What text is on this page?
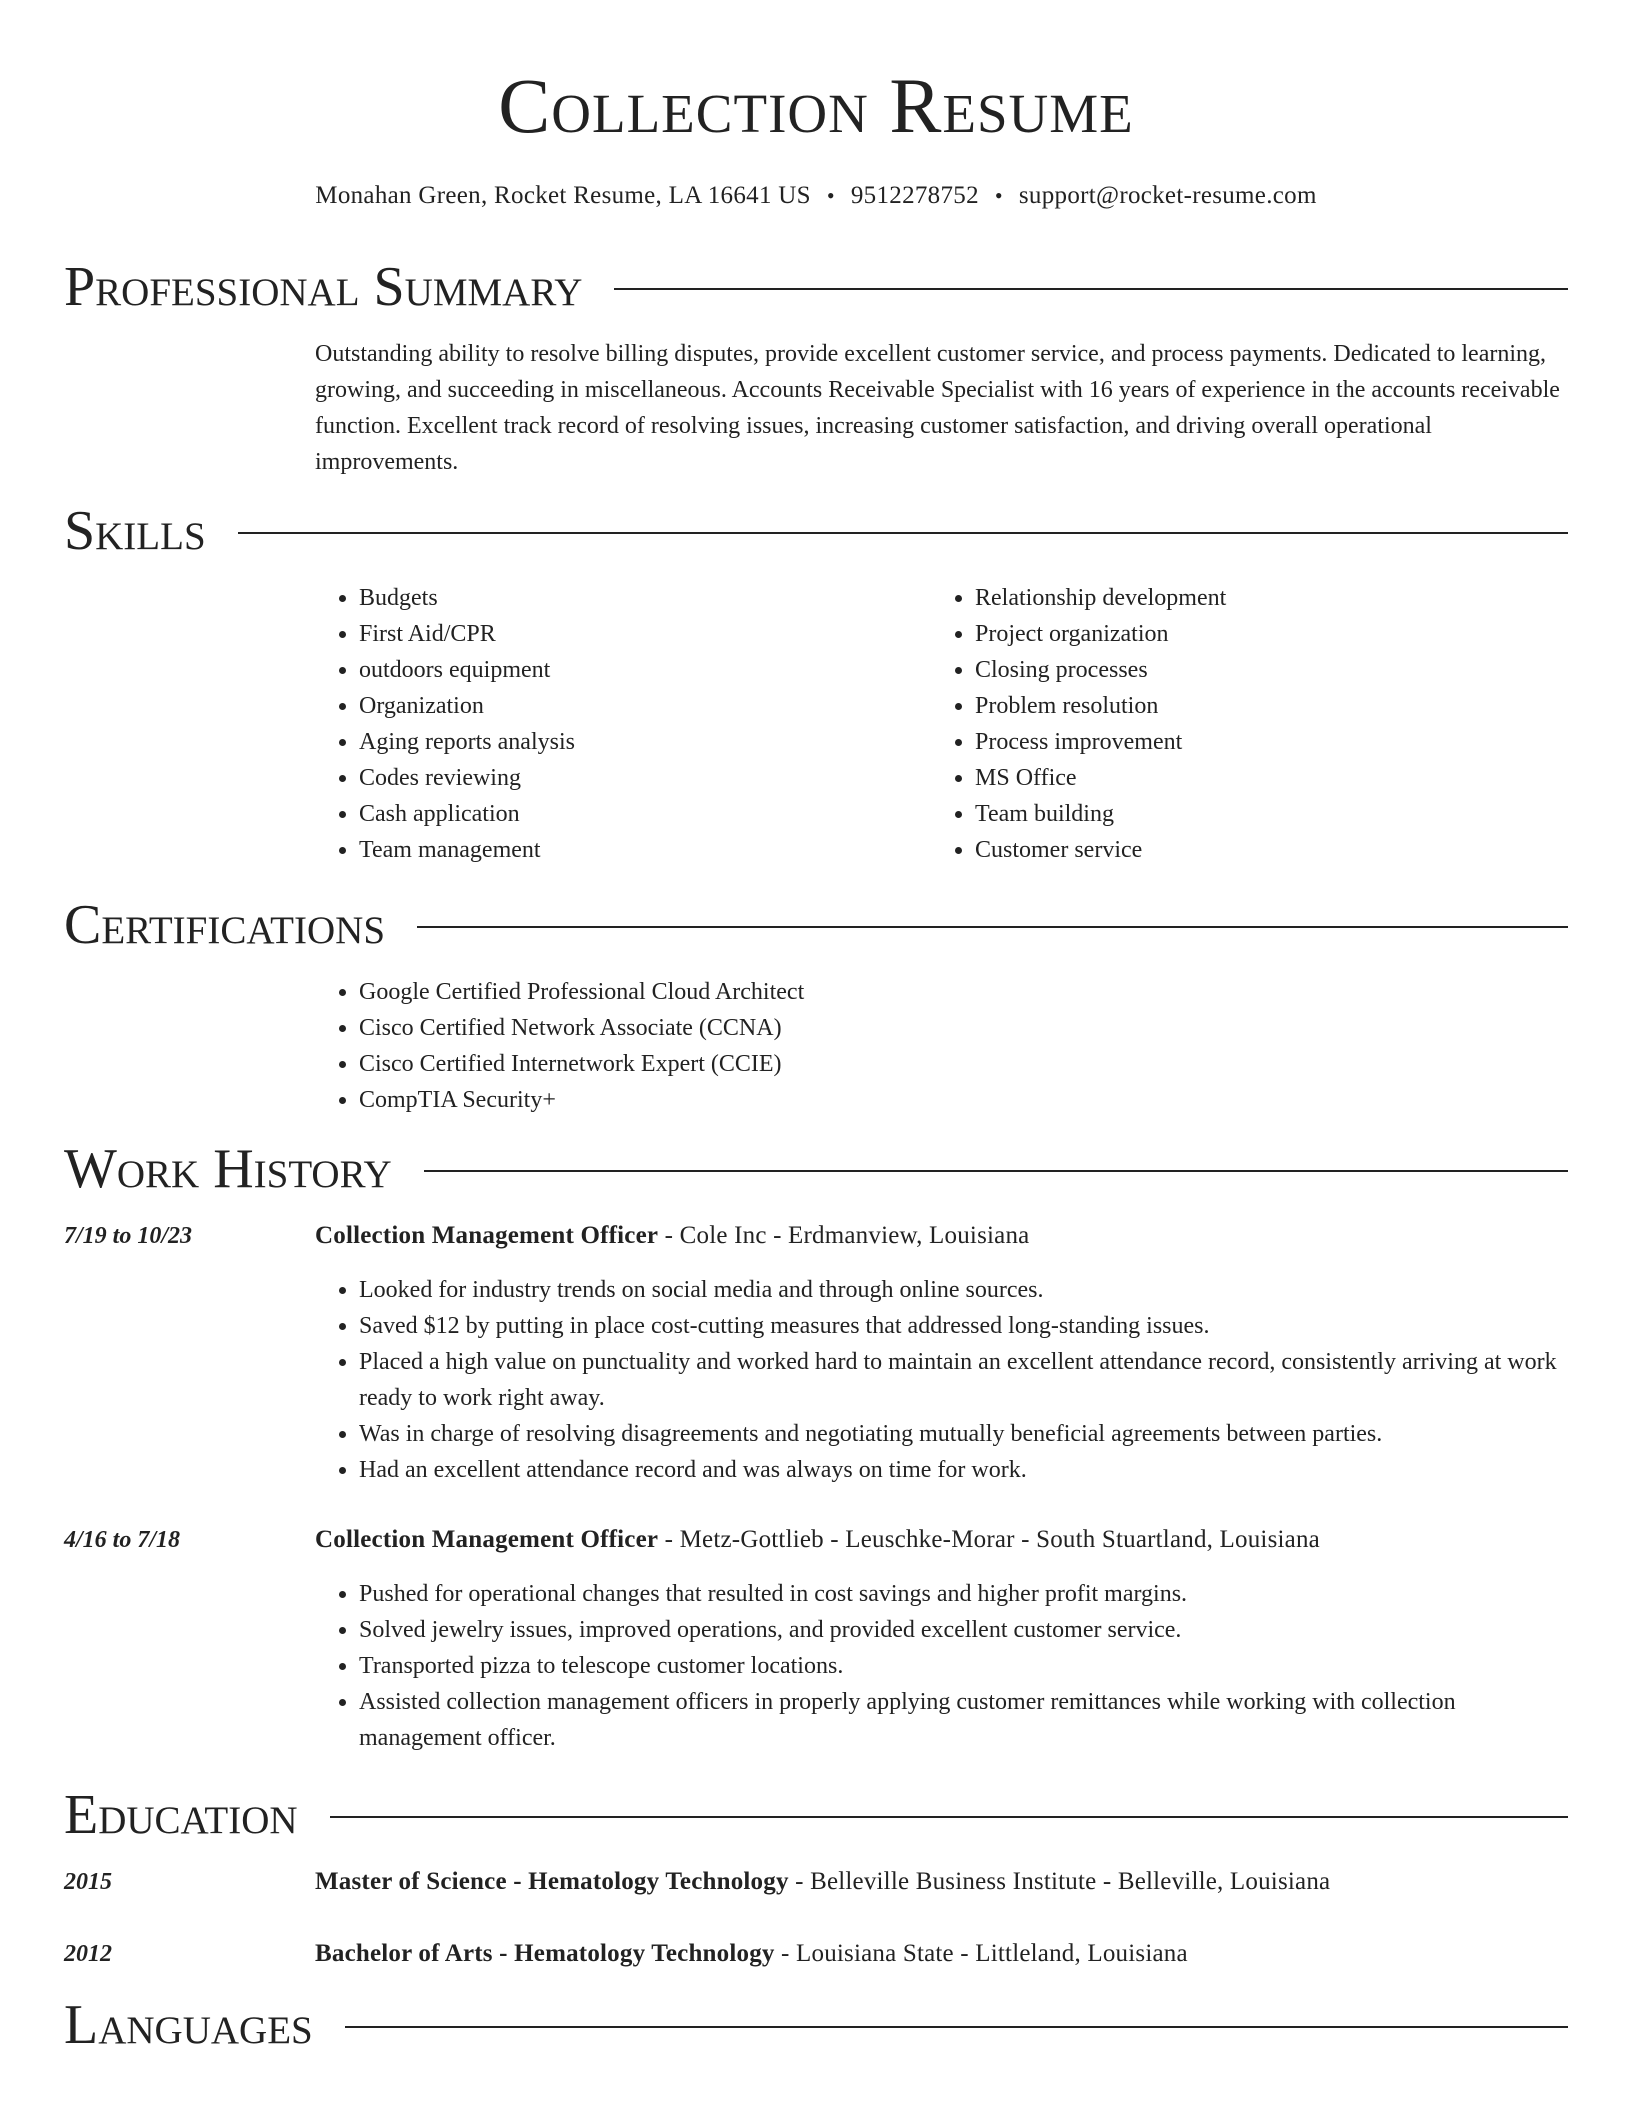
Collection Resume
Monahan Green, Rocket Resume, LA 16641 US • 9512278752 • support@rocket-resume.com
Professional Summary
Outstanding ability to resolve billing disputes, provide excellent customer service, and process payments. Dedicated to learning, growing, and succeeding in miscellaneous. Accounts Receivable Specialist with 16 years of experience in the accounts receivable function. Excellent track record of resolving issues, increasing customer satisfaction, and driving overall operational improvements.
Skills
• Budgets
• First Aid/CPR
• outdoors equipment
• Organization
• Aging reports analysis
• Codes reviewing
• Cash application
• Team management
• Relationship development
• Project organization
• Closing processes
• Problem resolution
• Process improvement
• MS Office
• Team building
• Customer service
Certifications
• Google Certified Professional Cloud Architect
• Cisco Certified Network Associate (CCNA)
• Cisco Certified Internetwork Expert (CCIE)
• CompTIA Security+
Work History
7/19 to 10/23	Collection Management Officer - Cole Inc - Erdmanview, Louisiana
• Looked for industry trends on social media and through online sources.
• Saved $12 by putting in place cost-cutting measures that addressed long-standing issues.
• Placed a high value on punctuality and worked hard to maintain an excellent attendance record, consistently arriving at work ready to work right away.
• Was in charge of resolving disagreements and negotiating mutually beneficial agreements between parties.
• Had an excellent attendance record and was always on time for work.
4/16 to 7/18	Collection Management Officer - Metz-Gottlieb - Leuschke-Morar - South Stuartland, Louisiana
• Pushed for operational changes that resulted in cost savings and higher profit margins.
• Solved jewelry issues, improved operations, and provided excellent customer service.
• Transported pizza to telescope customer locations.
• Assisted collection management officers in properly applying customer remittances while working with collection management officer.
Education
2015	Master of Science - Hematology Technology - Belleville Business Institute - Belleville, Louisiana
2012	Bachelor of Arts - Hematology Technology - Louisiana State - Littleland, Louisiana
Languages
